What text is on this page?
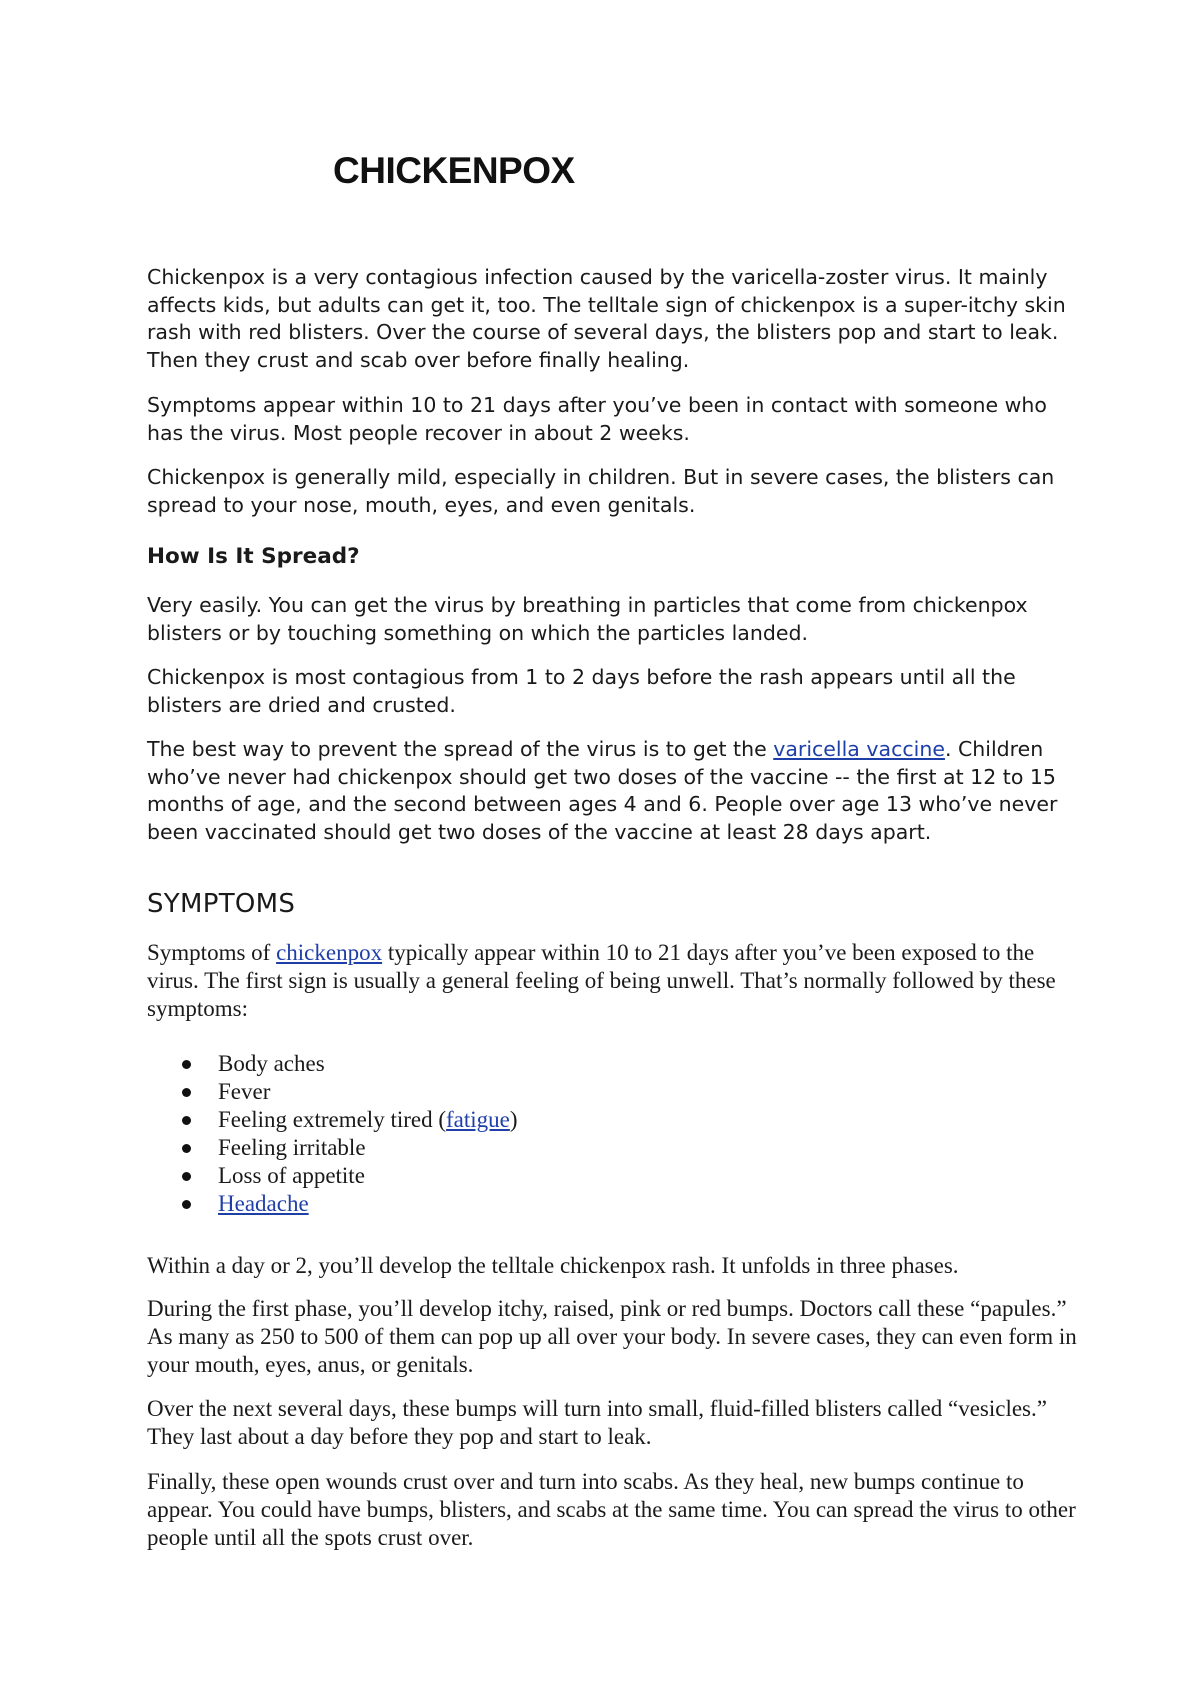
CHICKENPOX

Chickenpox is a very contagious infection caused by the varicella-zoster virus. It mainly affects kids, but adults can get it, too. The telltale sign of chickenpox is a super-itchy skin rash with red blisters. Over the course of several days, the blisters pop and start to leak. Then they crust and scab over before finally healing.

Symptoms appear within 10 to 21 days after you’ve been in contact with someone who has the virus. Most people recover in about 2 weeks.

Chickenpox is generally mild, especially in children. But in severe cases, the blisters can spread to your nose, mouth, eyes, and even genitals.

How Is It Spread?

Very easily. You can get the virus by breathing in particles that come from chickenpox blisters or by touching something on which the particles landed.

Chickenpox is most contagious from 1 to 2 days before the rash appears until all the blisters are dried and crusted.

The best way to prevent the spread of the virus is to get the varicella vaccine. Children who’ve never had chickenpox should get two doses of the vaccine -- the first at 12 to 15 months of age, and the second between ages 4 and 6. People over age 13 who’ve never been vaccinated should get two doses of the vaccine at least 28 days apart.

SYMPTOMS

Symptoms of chickenpox typically appear within 10 to 21 days after you’ve been exposed to the virus. The first sign is usually a general feeling of being unwell. That’s normally followed by these symptoms:

Body aches
Fever
Feeling extremely tired (fatigue)
Feeling irritable
Loss of appetite
Headache

Within a day or 2, you’ll develop the telltale chickenpox rash. It unfolds in three phases.

During the first phase, you’ll develop itchy, raised, pink or red bumps. Doctors call these “papules.” As many as 250 to 500 of them can pop up all over your body. In severe cases, they can even form in your mouth, eyes, anus, or genitals.

Over the next several days, these bumps will turn into small, fluid-filled blisters called “vesicles.” They last about a day before they pop and start to leak.

Finally, these open wounds crust over and turn into scabs. As they heal, new bumps continue to appear. You could have bumps, blisters, and scabs at the same time. You can spread the virus to other people until all the spots crust over.
